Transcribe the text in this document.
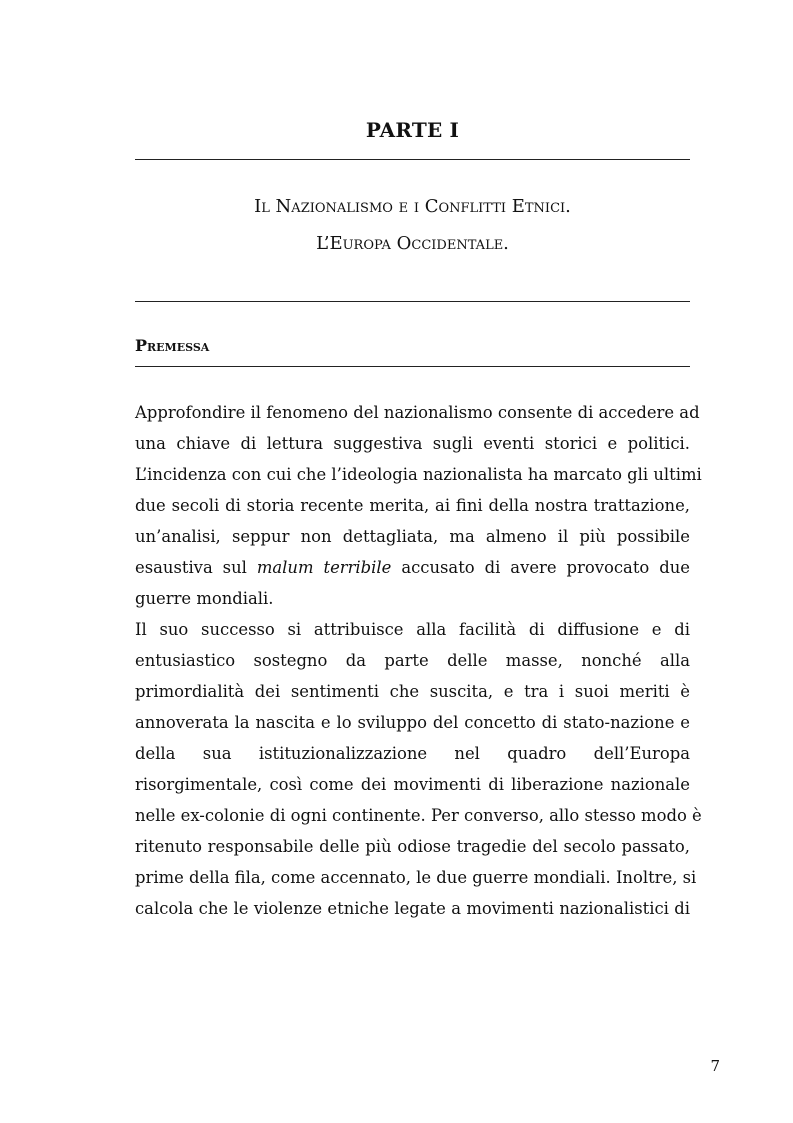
PARTE I
Il Nazionalismo e i Conflitti Etnici.
L’Europa Occidentale.
Premessa
Approfondire il fenomeno del nazionalismo consente di accedere ad
una chiave di lettura suggestiva sugli eventi storici e politici.
L’incidenza con cui che l’ideologia nazionalista ha marcato gli ultimi
due secoli di storia recente merita, ai fini della nostra trattazione,
un’analisi, seppur non dettagliata, ma almeno il più possibile
esaustiva sul malum terribile accusato di avere provocato due
guerre mondiali.
Il suo successo si attribuisce alla facilità di diffusione e di
entusiastico sostegno da parte delle masse, nonché alla
primordialità dei sentimenti che suscita, e tra i suoi meriti è
annoverata la nascita e lo sviluppo del concetto di stato-nazione e
della sua istituzionalizzazione nel quadro dell’Europa
risorgimentale, così come dei movimenti di liberazione nazionale
nelle ex-colonie di ogni continente. Per converso, allo stesso modo è
ritenuto responsabile delle più odiose tragedie del secolo passato,
prime della fila, come accennato, le due guerre mondiali. Inoltre, si
calcola che le violenze etniche legate a movimenti nazionalistici di
7
